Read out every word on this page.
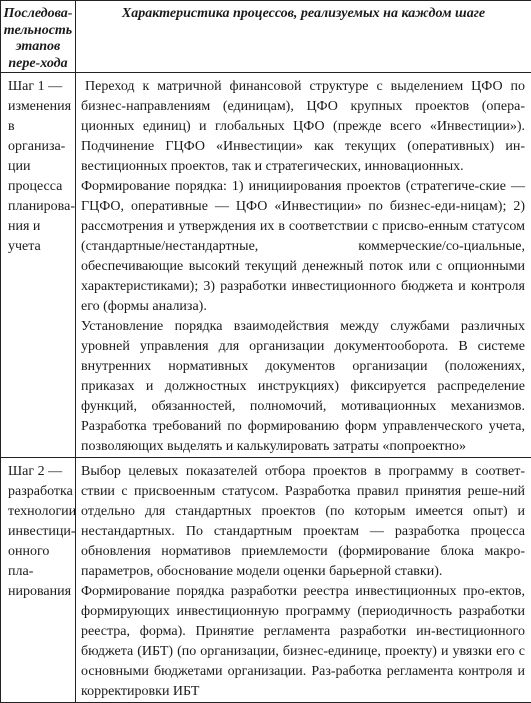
Последова-тельность этапов пере-хода	Характеристика процессов, реализуемых на каждом шаге
Шаг 1 — изменения в организа-ции процесса планирова-ния и учета	Переход к матричной финансовой структуре с выделением ЦФО по бизнес-направлениям (единицам), ЦФО крупных проектов (опера-ционных единиц) и глобальных ЦФО (прежде всего «Инвестиции»). Подчинение ГЦФО «Инвестиции» как текущих (оперативных) ин-вестиционных проектов, так и стратегических, инновационных.
Формирование порядка: 1) инициирования проектов (стратегиче-ские — ГЦФО, оперативные — ЦФО «Инвестиции» по бизнес-еди-ницам); 2) рассмотрения и утверждения их в соответствии с присво-енным статусом (стандартные/нестандартные, коммерческие/со-циальные, обеспечивающие высокий текущий денежный поток или с опционными характеристиками); 3) разработки инвестиционного бюджета и контроля его (формы анализа).
Установление порядка взаимодействия между службами различных уровней управления для организации документооборота. В системе внутренних нормативных документов организации (положениях, приказах и должностных инструкциях) фиксируется распределение функций, обязанностей, полномочий, мотивационных механизмов. Разработка требований по формированию форм управленческого учета, позволяющих выделять и калькулировать затраты «попроектно»

Шаг 2 — разработка технологии инвестици-онного пла-нирования	Выбор целевых показателей отбора проектов в программу в соответ-ствии с присвоенным статусом. Разработка правил принятия реше-ний отдельно для стандартных проектов (по которым имеется опыт) и нестандартных. По стандартным проектам — разработка процесса обновления нормативов приемлемости (формирование блока макро-параметров, обоснование модели оценки барьерной ставки).
Формирование порядка разработки реестра инвестиционных про-ектов, формирующих инвестиционную программу (периодичность разработки реестра, форма). Принятие регламента разработки ин-вестиционного бюджета (ИБТ) (по организации, бизнес-единице, проекту) и увязки его с основными бюджетами организации. Раз-работка регламента контроля и корректировки ИБТ
